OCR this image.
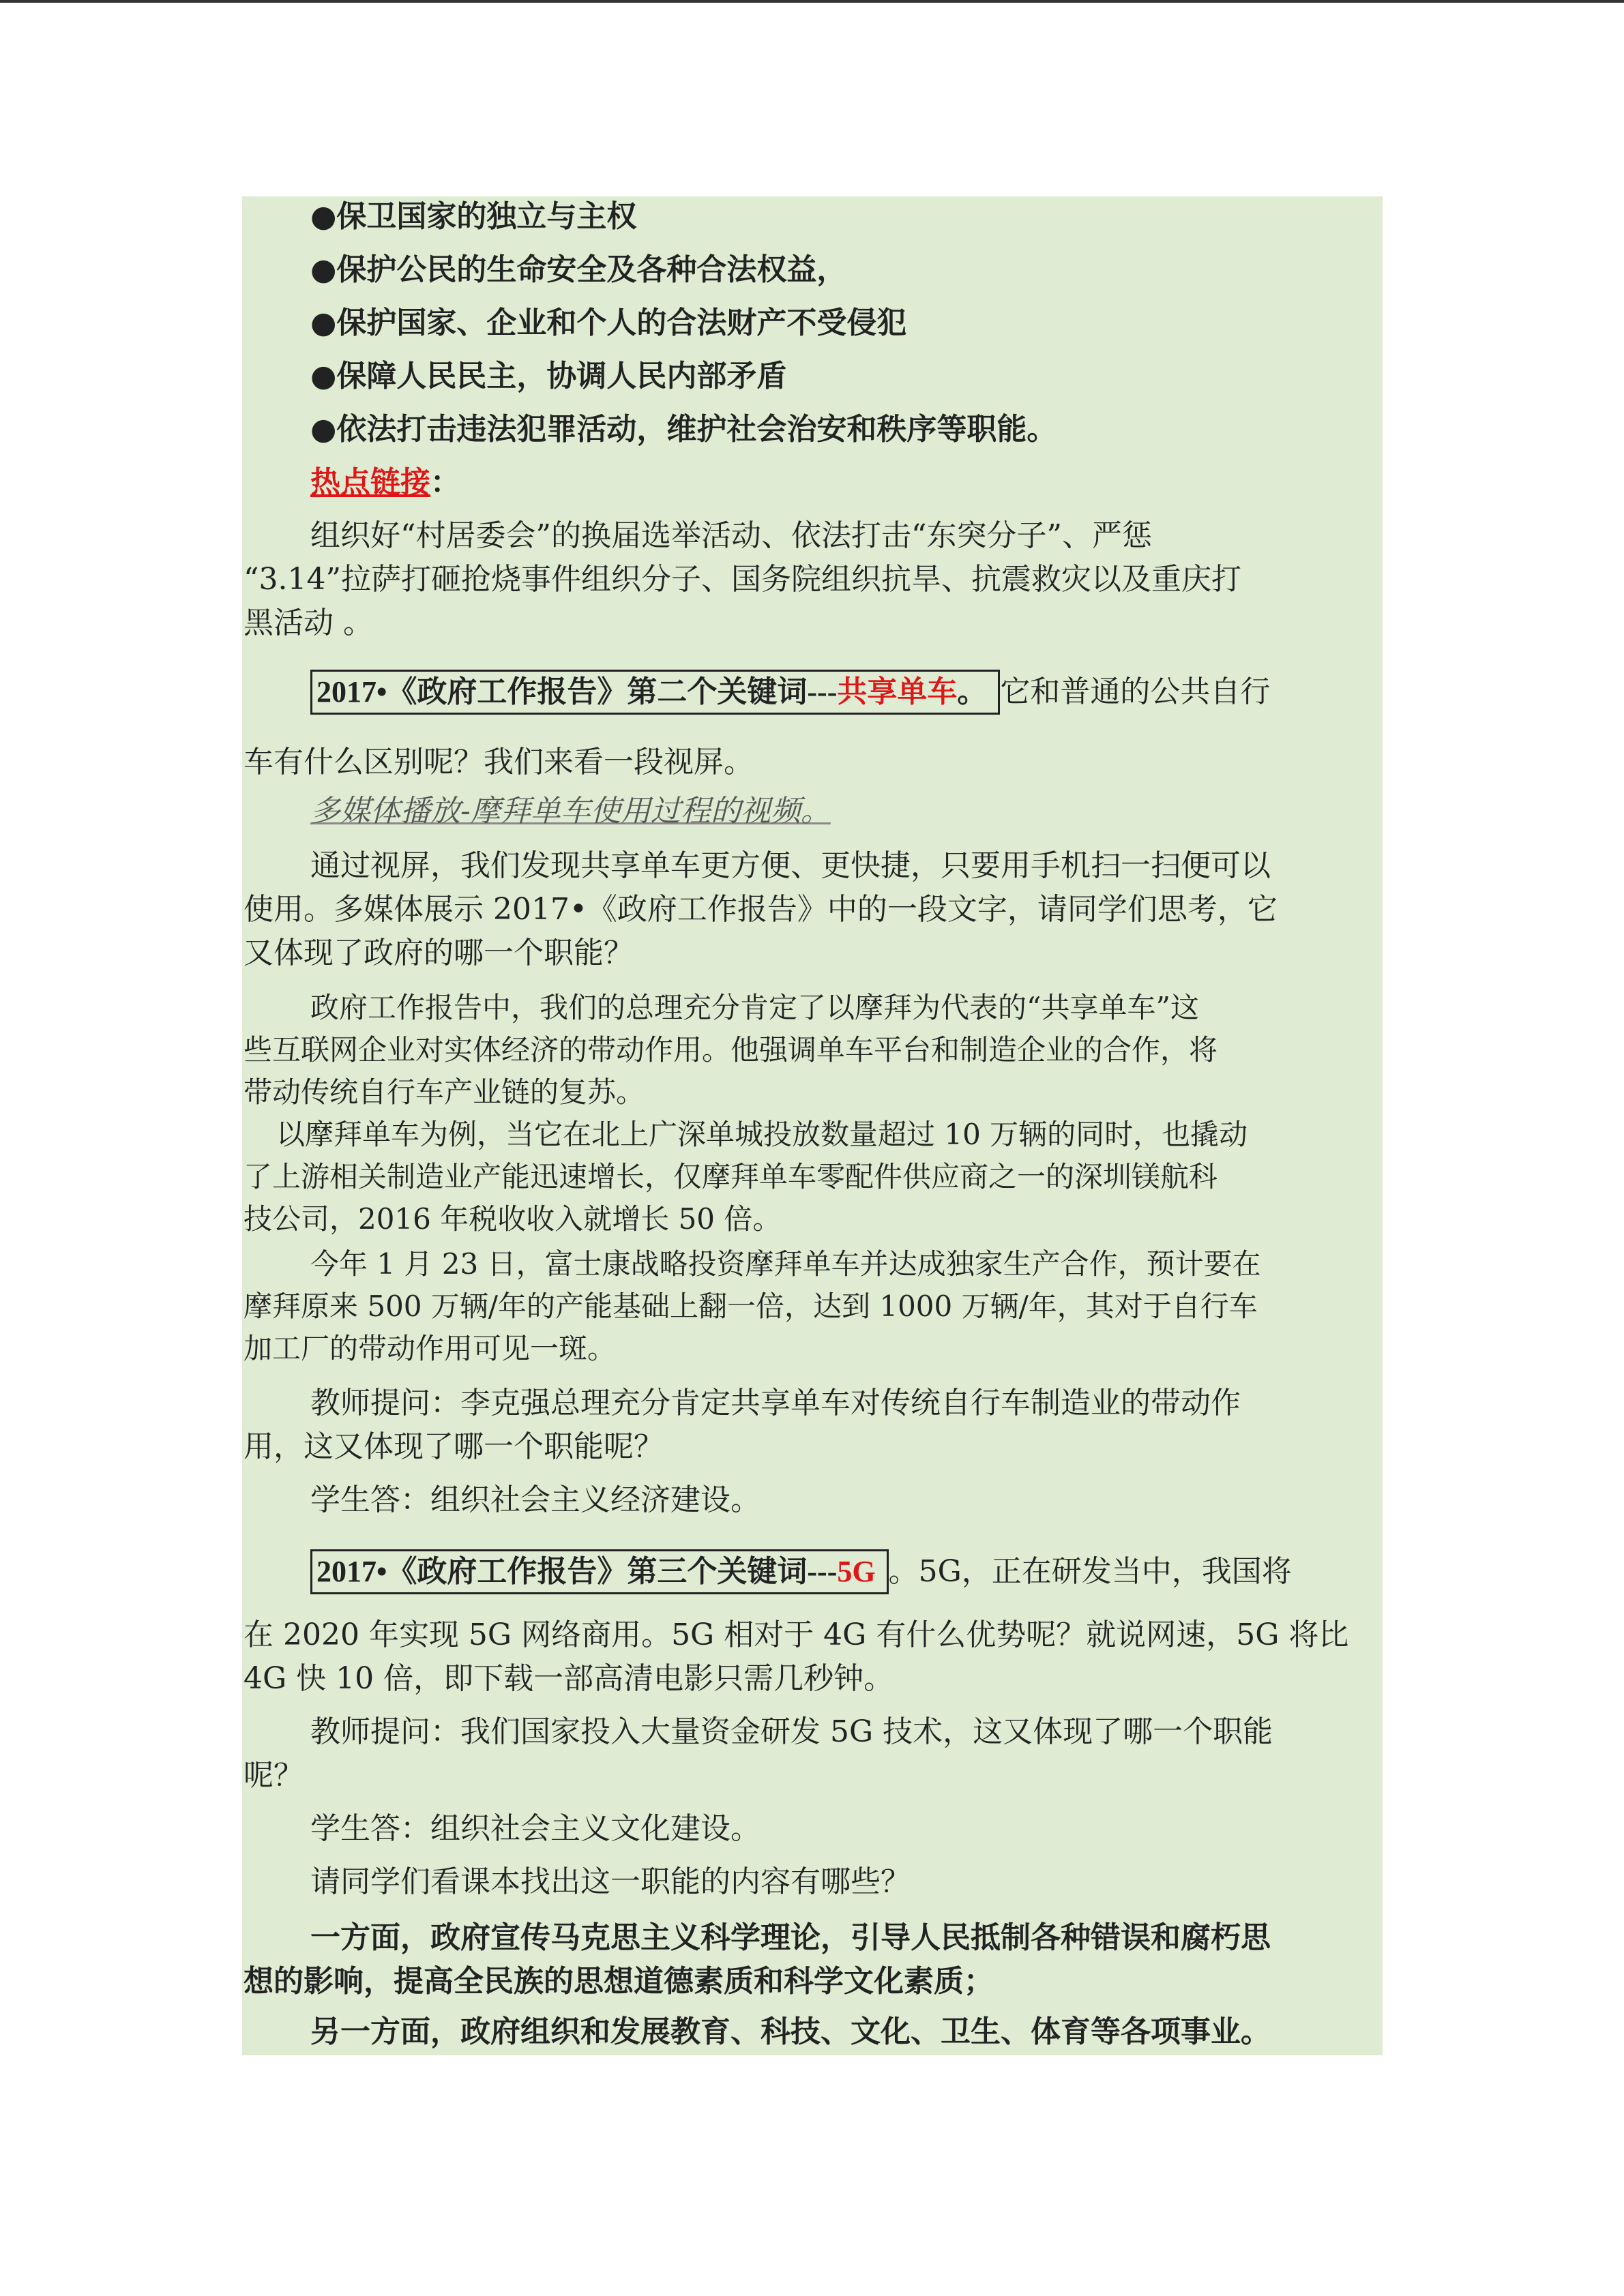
●保卫国家的独立与主权
●保护公民的生命安全及各种合法权益，
●保护国家、企业和个人的合法财产不受侵犯
●保障人民民主，协调人民内部矛盾
●依法打击违法犯罪活动，维护社会治安和秩序等职能。
热点链接：
组织好“村居委会”的换届选举活动、依法打击“东突分子”、严惩
“3.14”拉萨打砸抢烧事件组织分子、国务院组织抗旱、抗震救灾以及重庆打
黑活动 。
2017•《政府工作报告》第二个关键词---共享单车。 它和普通的公共自行
车有什么区别呢？我们来看一段视屏。
多媒体播放-摩拜单车使用过程的视频。
通过视屏，我们发现共享单车更方便、更快捷，只要用手机扫一扫便可以
使用。多媒体展示 2017•《政府工作报告》中的一段文字，请同学们思考，它
又体现了政府的哪一个职能？
政府工作报告中，我们的总理充分肯定了以摩拜为代表的“共享单车”这
些互联网企业对实体经济的带动作用。他强调单车平台和制造企业的合作，将
带动传统自行车产业链的复苏。
以摩拜单车为例，当它在北上广深单城投放数量超过 10 万辆的同时，也撬动
了上游相关制造业产能迅速增长，仅摩拜单车零配件供应商之一的深圳镁航科
技公司，2016 年税收收入就增长 50 倍。
今年 1 月 23 日，富士康战略投资摩拜单车并达成独家生产合作，预计要在
摩拜原来 500 万辆/年的产能基础上翻一倍，达到 1000 万辆/年，其对于自行车
加工厂的带动作用可见一斑。
教师提问：李克强总理充分肯定共享单车对传统自行车制造业的带动作
用，这又体现了哪一个职能呢？
学生答：组织社会主义经济建设。
2017•《政府工作报告》第三个关键词---5G 。5G，正在研发当中，我国将
在 2020 年实现 5G 网络商用。5G 相对于 4G 有什么优势呢？就说网速，5G 将比
4G 快 10 倍，即下载一部高清电影只需几秒钟。
教师提问：我们国家投入大量资金研发 5G 技术，这又体现了哪一个职能
呢？
学生答：组织社会主义文化建设。
请同学们看课本找出这一职能的内容有哪些？
一方面，政府宣传马克思主义科学理论，引导人民抵制各种错误和腐朽思
想的影响，提高全民族的思想道德素质和科学文化素质；
另一方面，政府组织和发展教育、科技、文化、卫生、体育等各项事业。
